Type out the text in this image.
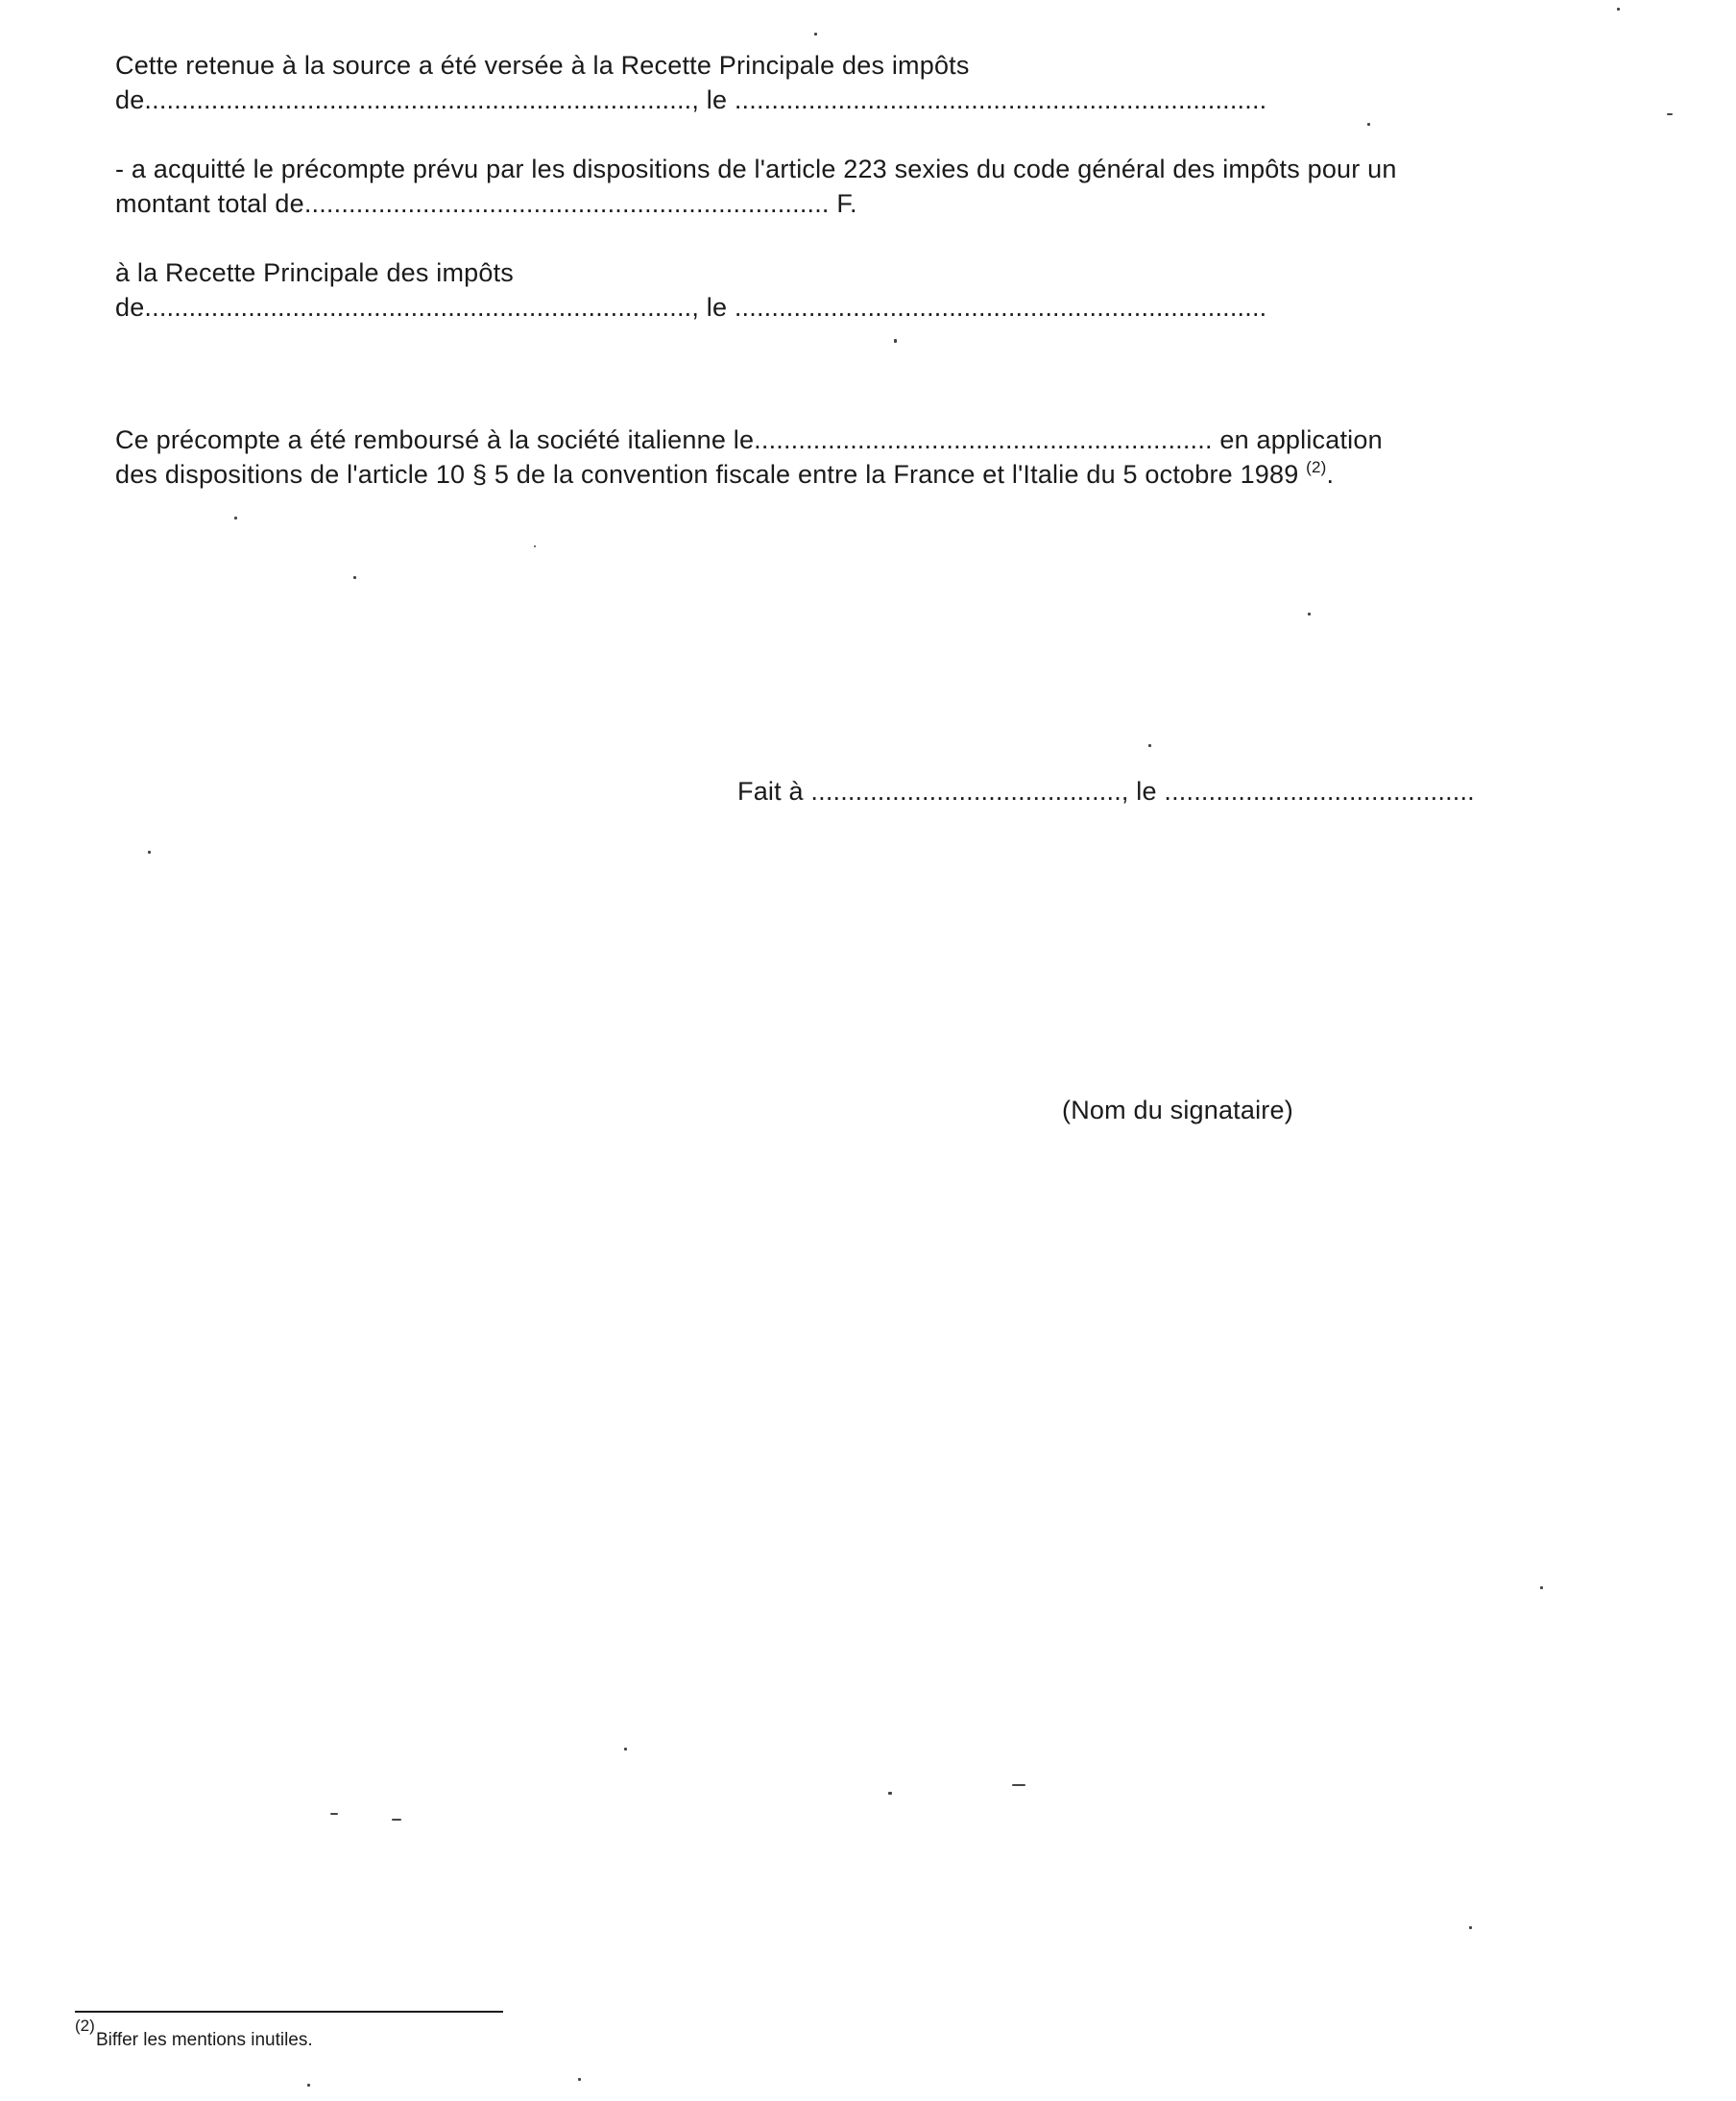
Cette retenue à la source a été versée à la Recette Principale des impôts
de.........................................................................., le ........................................................................
- a acquitté le précompte prévu par les dispositions de l'article 223 sexies du code général des impôts pour un
montant total de....................................................................... F.
à la Recette Principale des impôts
de.........................................................................., le ........................................................................
Ce précompte a été remboursé à la société italienne le.............................................................. en application
des dispositions de l'article 10 § 5 de la convention fiscale entre la France et l'Italie du 5 octobre 1989 $^{(2)}$.
Fait à .........................................., le ..........................................
(Nom du signataire)
(2)
Biffer les mentions inutiles.
